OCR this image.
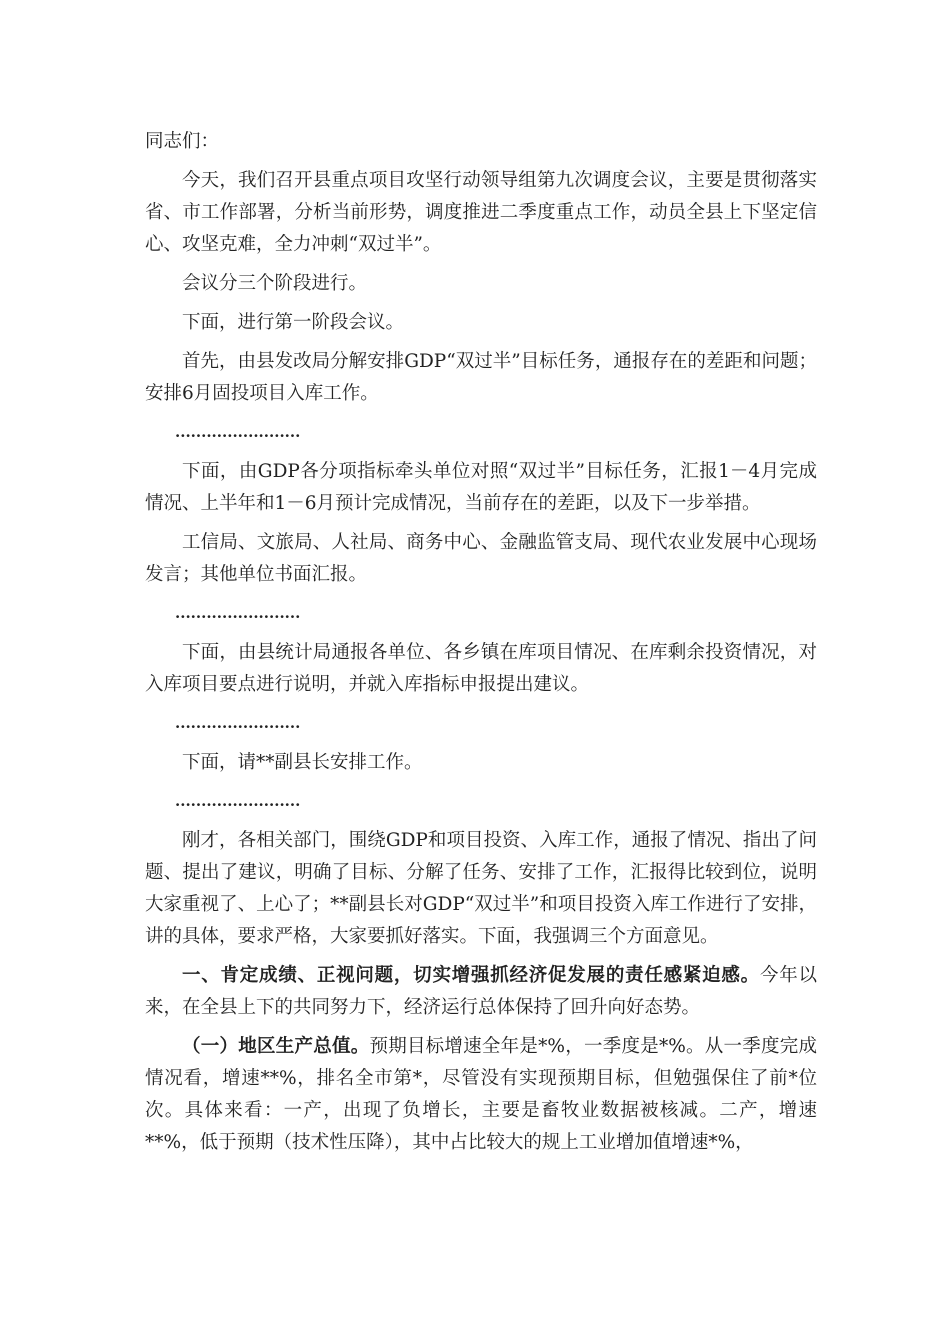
同志们：

今天，我们召开县重点项目攻坚行动领导组第九次调度会议，主要是贯彻落实省、市工作部署，分析当前形势，调度推进二季度重点工作，动员全县上下坚定信心、攻坚克难，全力冲刺“双过半”。

会议分三个阶段进行。

下面，进行第一阶段会议。

首先，由县发改局分解安排GDP“双过半”目标任务，通报存在的差距和问题；安排6月固投项目入库工作。

........................

下面，由GDP各分项指标牵头单位对照“双过半”目标任务，汇报1－4月完成情况、上半年和1－6月预计完成情况，当前存在的差距，以及下一步举措。

工信局、文旅局、人社局、商务中心、金融监管支局、现代农业发展中心现场发言；其他单位书面汇报。

........................

下面，由县统计局通报各单位、各乡镇在库项目情况、在库剩余投资情况，对入库项目要点进行说明，并就入库指标申报提出建议。

........................

下面，请**副县长安排工作。

........................

刚才，各相关部门，围绕GDP和项目投资、入库工作，通报了情况、指出了问题、提出了建议，明确了目标、分解了任务、安排了工作，汇报得比较到位，说明大家重视了、上心了；**副县长对GDP“双过半”和项目投资入库工作进行了安排，讲的具体，要求严格，大家要抓好落实。下面，我强调三个方面意见。

一、肯定成绩、正视问题，切实增强抓经济促发展的责任感紧迫感。今年以来，在全县上下的共同努力下，经济运行总体保持了回升向好态势。

（一）地区生产总值。预期目标增速全年是*%，一季度是*%。从一季度完成情况看，增速**%，排名全市第*，尽管没有实现预期目标，但勉强保住了前*位次。具体来看：一产，出现了负增长，主要是畜牧业数据被核减。二产，增速**%，低于预期（技术性压降），其中占比较大的规上工业增加值增速*%，
